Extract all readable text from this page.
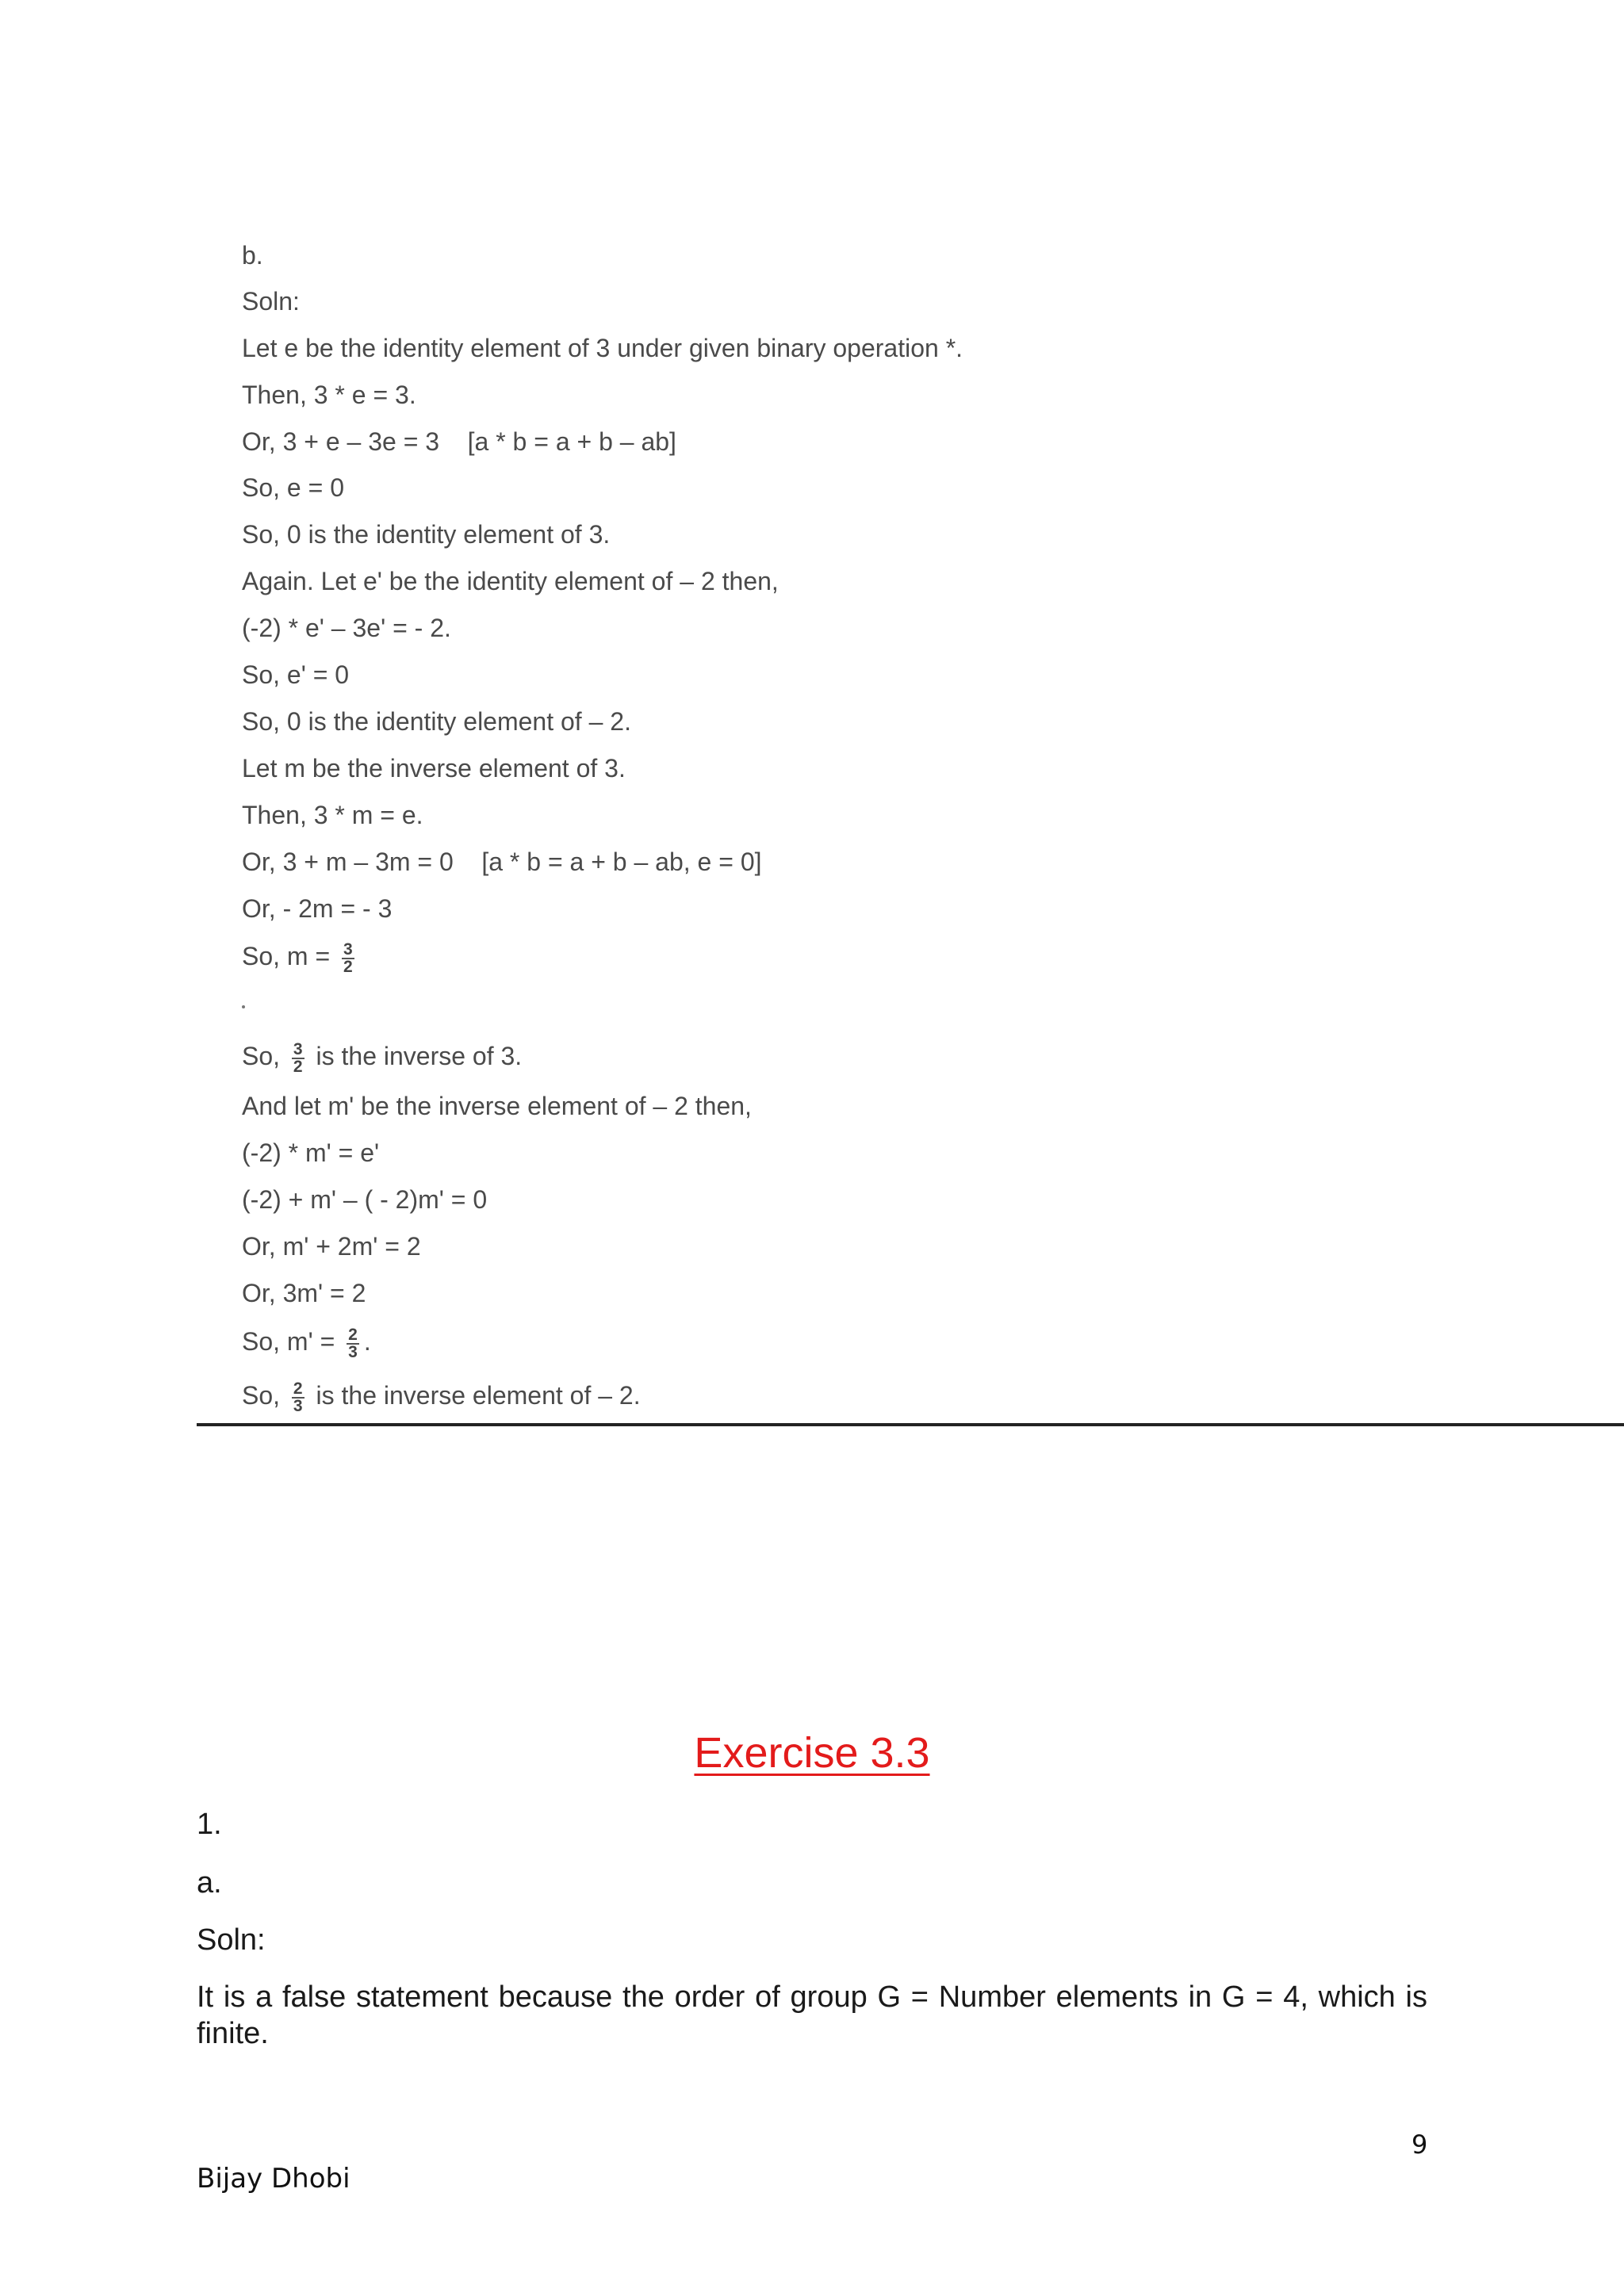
b.
Soln:
Let e be the identity element of 3 under given binary operation *.
Then, 3 * e = 3.
Or, 3 + e – 3e = 3    [a * b = a + b – ab]
So, e = 0
So, 0 is the identity element of 3.
Again. Let e' be the identity element of – 2 then,
(-2) * e' – 3e' = - 2.
So, e' = 0
So, 0 is the identity element of – 2.
Let m be the inverse element of 3.
Then, 3 * m = e.
Or, 3 + m – 3m = 0    [a * b = a + b – ab, e = 0]
Or, - 2m = - 3
So, $m = \frac{3}{2}$
So, $\frac{3}{2}$ is the inverse of 3.
And let m' be the inverse element of – 2 then,
(-2) * m' = e'
(-2) + m' – ( - 2)m' = 0
Or, m' + 2m' = 2
Or, 3m' = 2
So, $m' = \frac{2}{3}$ .
So, $\frac{2}{3}$ is the inverse element of – 2.
Exercise 3.3
1.
a.
Soln:
It is a false statement because the order of group G = Number elements in G = 4, which is finite.
9
Bijay Dhobi
